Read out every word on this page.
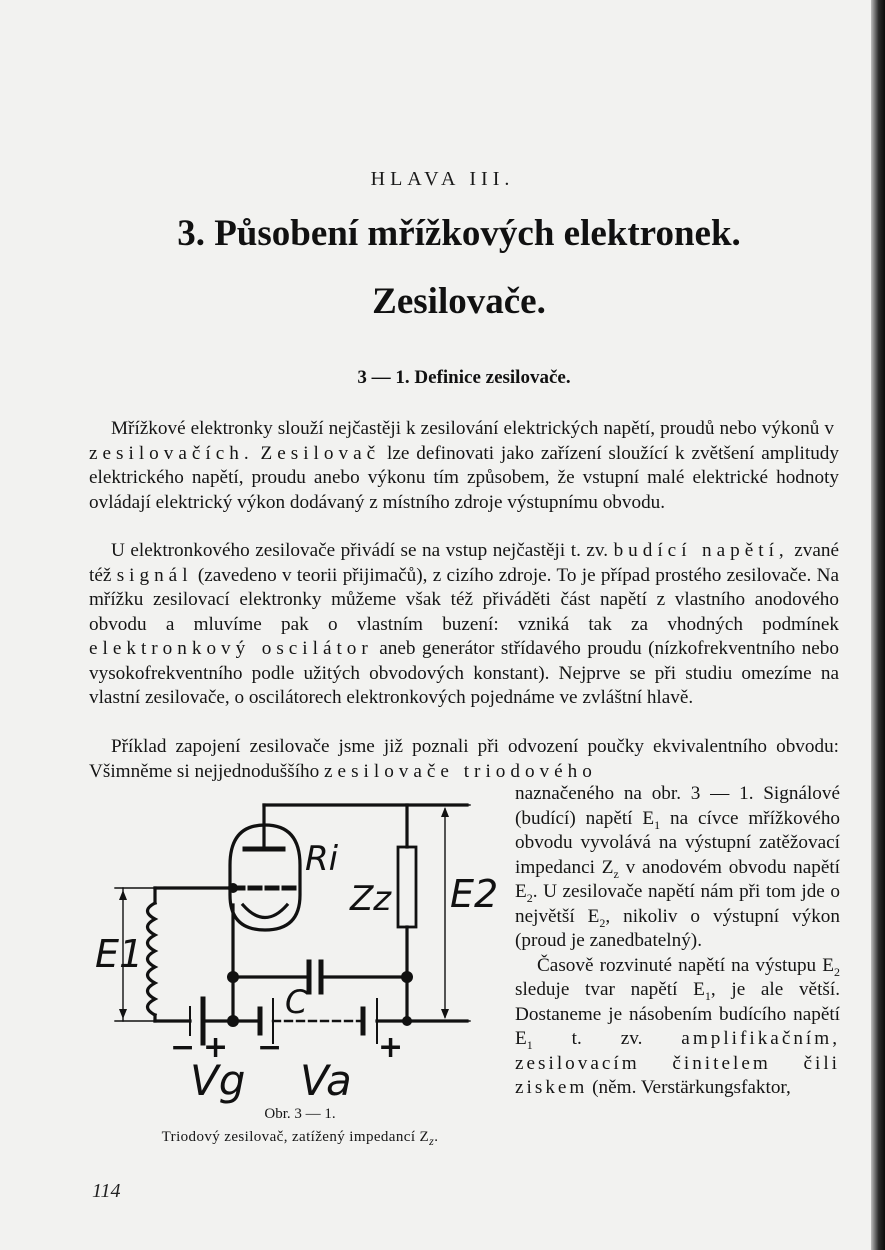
HLAVA III.
3. Působení mřížkových elektronek.
Zesilovače.
3 — 1. Definice zesilovače.

Mřížkové elektronky slouží nejčastěji k zesilování elektrických napětí, proudů nebo výkonů v zesilovačích. Zesilovač lze definovati jako zařízení sloužící k zvětšení amplitudy elektrického napětí, proudu anebo výkonu tím způsobem, že vstupní malé elektrické hodnoty ovládají elektrický výkon dodávaný z místního zdroje výstupnímu obvodu.

U elektronkového zesilovače přivádí se na vstup nejčastěji t. zv. budící napětí, zvané též signál (zavedeno v teorii přijimačů), z cizího zdroje. To je případ prostého zesilovače. Na mřížku zesilovací elektronky můžeme však též přiváděti část napětí z vlastního anodového obvodu a mluvíme pak o vlastním buzení: vzniká tak za vhodných podmínek elektronkový oscilátor aneb generátor střídavého proudu (nízkofrekventního nebo vysokofrekventního podle užitých obvodových konstant). Nejprve se při studiu omezíme na vlastní zesilovače, o oscilátorech elektronkových pojednáme ve zvláštní hlavě.

Příklad zapojení zesilovače jsme již poznali při odvození poučky ekvivalentního obvodu: Všimněme si nejjednoduššího zesilovače triodového

naznačeného na obr. 3 — 1. Signálové (budící) napětí $E_1$ na cívce mřížkového obvodu vyvolává na výstupní zatěžovací impedanci $Z_z$ v anodovém obvodu napětí $E_2$. U zesilovače napětí nám při tom jde o největší $E_2$, nikoliv o výstupní výkon (proud je zanedbatelný).

Časově rozvinuté napětí na výstupu $E_2$ sleduje tvar napětí $E_1$, je ale větší. Dostaneme je násobením budícího napětí $E_1$ t. zv. amplifikačním, zesilovacím činitelem čili ziskem (něm. Verstärkungsfaktor,

Ri
Zz E2
E1
C
Vg Va
− + −	+
Obr. 3 — 1.
Triodový zesilovač, zatížený impedancí $Z_z$.
114
